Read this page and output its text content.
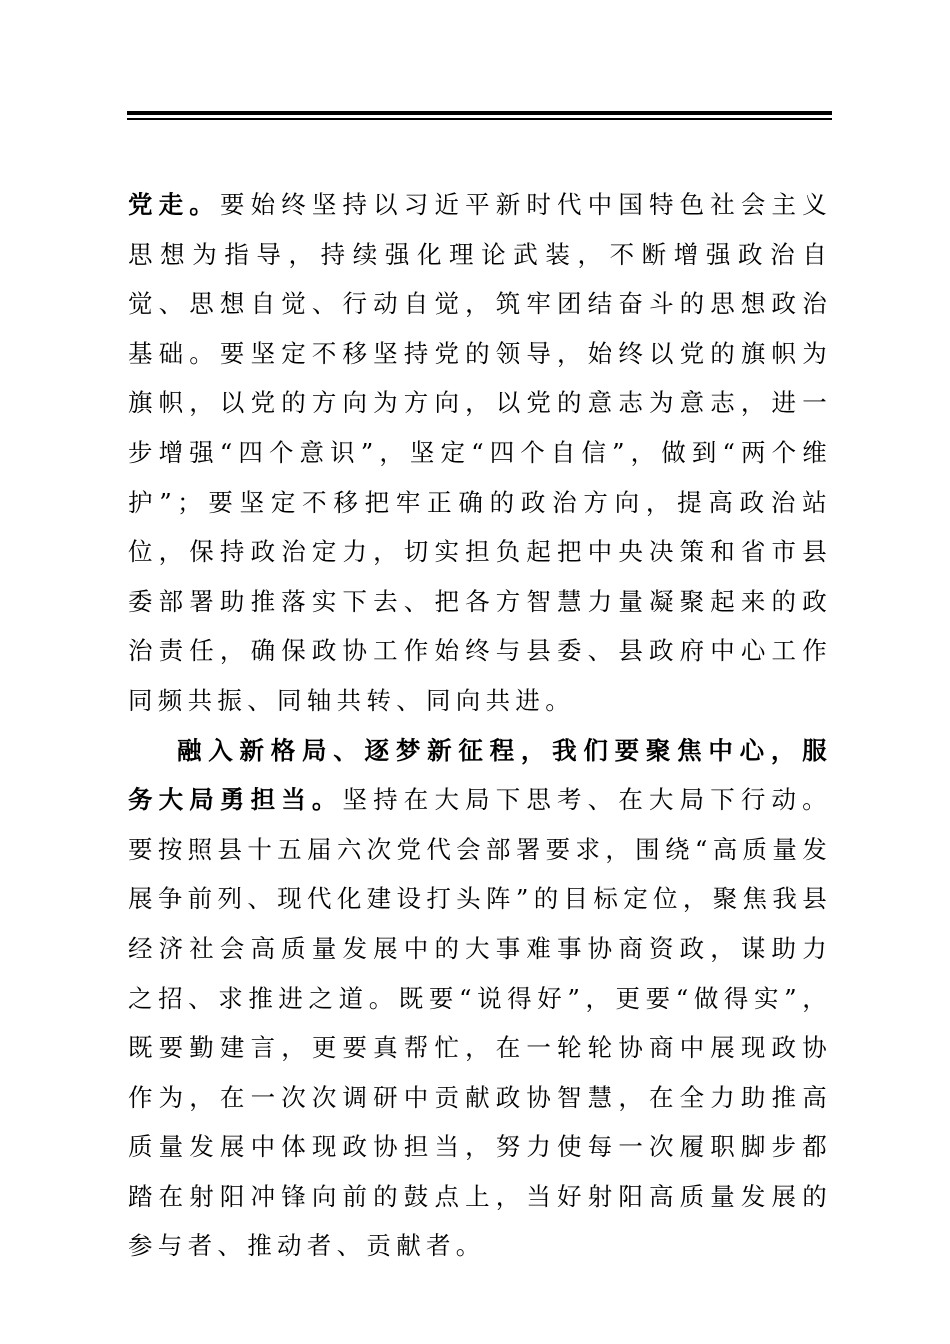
党走。要始终坚持以习近平新时代中国特色社会主义思想为指导，持续强化理论武装，不断增强政治自觉、思想自觉、行动自觉，筑牢团结奋斗的思想政治基础。要坚定不移坚持党的领导，始终以党的旗帜为旗帜，以党的方向为方向，以党的意志为意志，进一步增强“四个意识”，坚定“四个自信”，做到“两个维护”；要坚定不移把牢正确的政治方向，提高政治站位，保持政治定力，切实担负起把中央决策和省市县委部署助推落实下去、把各方智慧力量凝聚起来的政治责任，确保政协工作始终与县委、县政府中心工作同频共振、同轴共转、同向共进。

融入新格局、逐梦新征程，我们要聚焦中心，服务大局勇担当。坚持在大局下思考、在大局下行动。要按照县十五届六次党代会部署要求，围绕“高质量发展争前列、现代化建设打头阵”的目标定位，聚焦我县经济社会高质量发展中的大事难事协商资政，谋助力之招、求推进之道。既要“说得好”，更要“做得实”，既要勤建言，更要真帮忙，在一轮轮协商中展现政协作为，在一次次调研中贡献政协智慧，在全力助推高质量发展中体现政协担当，努力使每一次履职脚步都踏在射阳冲锋向前的鼓点上，当好射阳高质量发展的参与者、推动者、贡献者。
